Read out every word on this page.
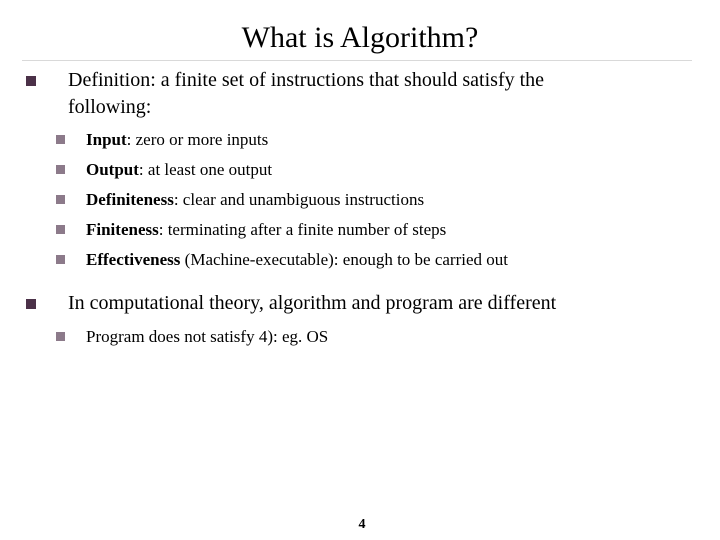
What is Algorithm?
Definition: a finite set of instructions that should satisfy the
following:
Input: zero or more inputs
Output: at least one output
Definiteness: clear and unambiguous instructions
Finiteness: terminating after a finite number of steps
Effectiveness (Machine-executable): enough to be carried out
In computational theory, algorithm and program are different
Program does not satisfy 4): eg. OS
4
